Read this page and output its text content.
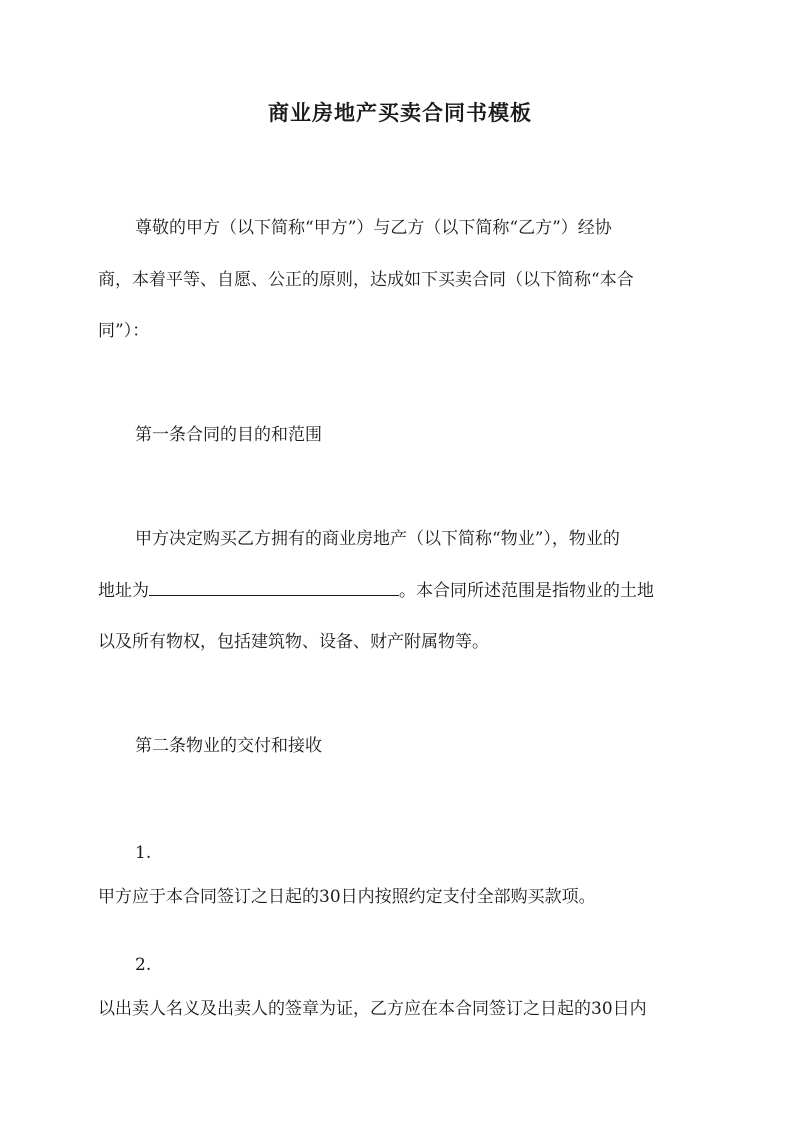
商业房地产买卖合同书模板
尊敬的甲方（以下简称“甲方”）与乙方（以下简称“乙方”）经协
商，本着平等、自愿、公正的原则，达成如下买卖合同（以下简称“本合
同”）：
第一条合同的目的和范围
甲方决定购买乙方拥有的商业房地产（以下简称“物业”），物业的
地址为	。本合同所述范围是指物业的土地
以及所有物权，包括建筑物、设备、财产附属物等。
第二条物业的交付和接收
1.
甲方应于本合同签订之日起的30日内按照约定支付全部购买款项。
2.
以出卖人名义及出卖人的签章为证，乙方应在本合同签订之日起的30日内
